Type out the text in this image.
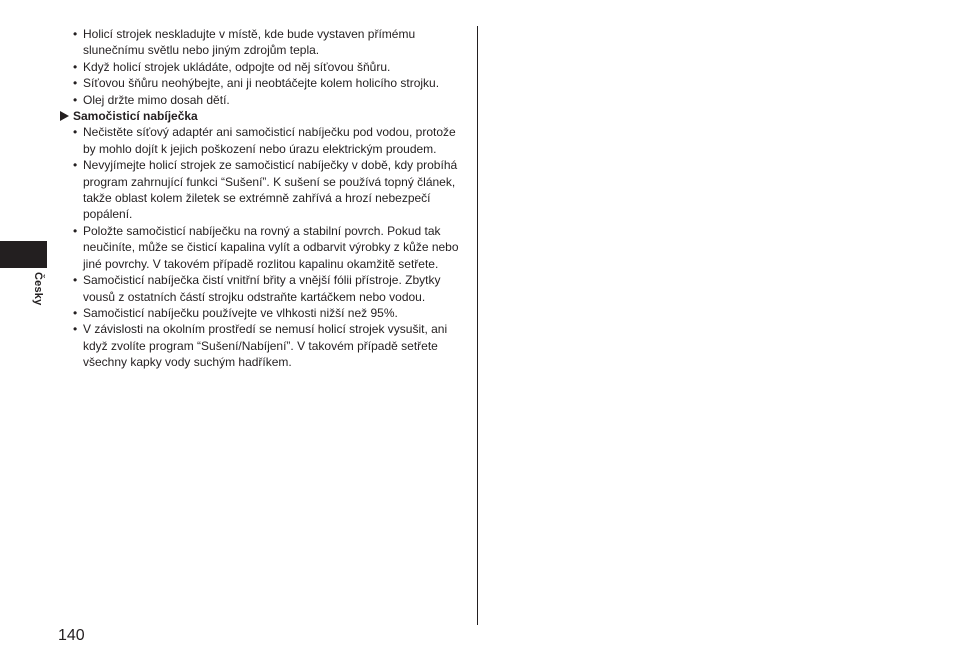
• Holicí strojek neskladujte v místě, kde bude vystaven přímému slunečnímu světlu nebo jiným zdrojům tepla.
• Když holicí strojek ukládáte, odpojte od něj síťovou šňůru.
• Síťovou šňůru neohýbejte, ani ji neobtáčejte kolem holicího strojku.
• Olej držte mimo dosah dětí.
Samočisticí nabíječka
• Nečistěte síťový adaptér ani samočisticí nabíječku pod vodou, protože by mohlo dojít k jejich poškození nebo úrazu elektrickým proudem.
• Nevyjímejte holicí strojek ze samočisticí nabíječky v době, kdy probíhá program zahrnující funkci “Sušení”. K sušení se používá topný článek, takže oblast kolem žiletek se extrémně zahřívá a hrozí nebezpečí popálení.
• Položte samočisticí nabíječku na rovný a stabilní povrch. Pokud tak neučiníte, může se čisticí kapalina vylít a odbarvit výrobky z kůže nebo jiné povrchy. V takovém případě rozlitou kapalinu okamžitě setřete.
• Samočisticí nabíječka čistí vnitřní břity a vnější fólii přístroje. Zbytky vousů z ostatních částí strojku odstraňte kartáčkem nebo vodou.
• Samočisticí nabíječku používejte ve vlhkosti nižší než 95%.
• V závislosti na okolním prostředí se nemusí holicí strojek vysušit, ani když zvolíte program “Sušení/Nabíjení”. V takovém případě setřete všechny kapky vody suchým hadříkem.
Česky
140
